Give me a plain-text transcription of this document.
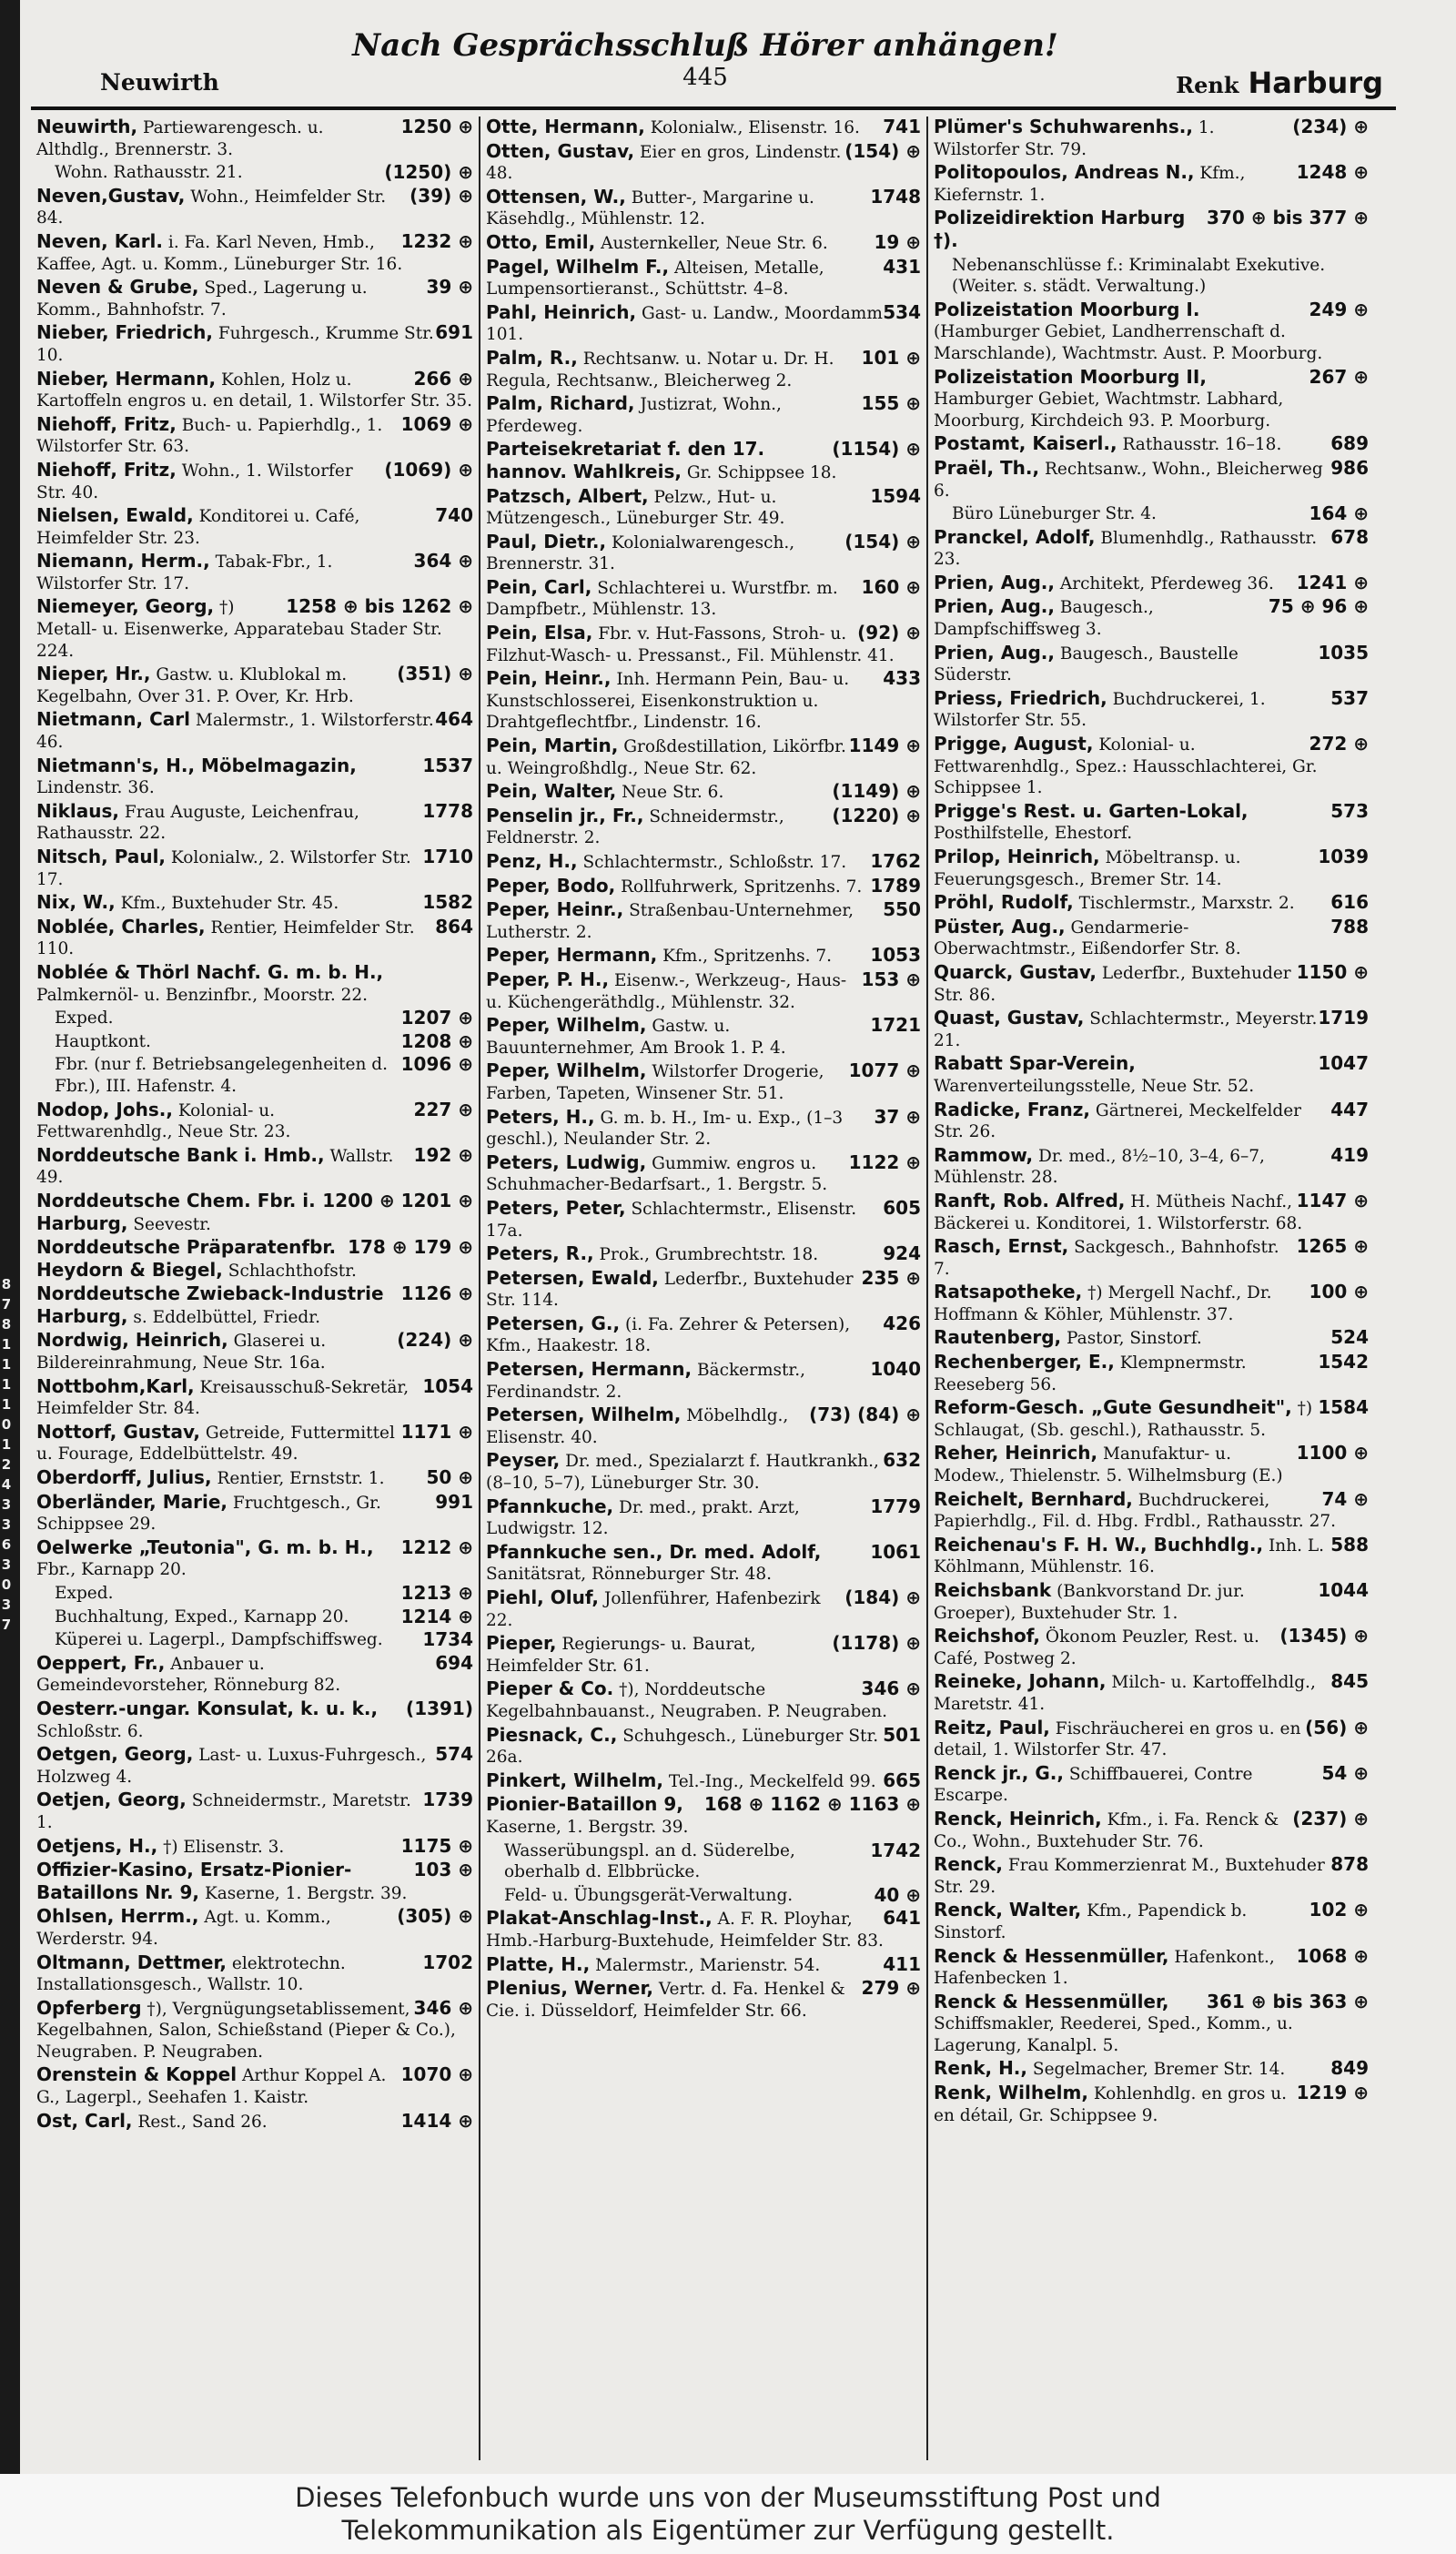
8
7
8
1
1
1
1
0
1
2
4
3
3
6
3
0
3
7
Nach Gesprächsschluß Hörer anhängen!
Neuwirth	445	Renk Harburg
1250 ⊕
Neuwirth, Partiewarengesch. u. Althdlg., Brennerstr. 3.
(1250) ⊕
Wohn. Rathausstr. 21.
(39) ⊕
Neven,Gustav, Wohn., Heimfelder Str. 84.
1232 ⊕
Neven, Karl. i. Fa. Karl Neven, Hmb., Kaffee, Agt. u. Komm., Lüneburger Str. 16.
39 ⊕
Neven & Grube, Sped., Lagerung u. Komm., Bahnhofstr. 7.
691
Nieber, Friedrich, Fuhrgesch., Krumme Str. 10.
266 ⊕
Nieber, Hermann, Kohlen, Holz u. Kartoffeln engros u. en detail, 1. Wilstorfer Str. 35.
1069 ⊕
Niehoff, Fritz, Buch- u. Papierhdlg., 1. Wilstorfer Str. 63.
(1069) ⊕
Niehoff, Fritz, Wohn., 1. Wilstorfer Str. 40.
740
Nielsen, Ewald, Konditorei u. Café, Heimfelder Str. 23.
364 ⊕
Niemann, Herm., Tabak-Fbr., 1. Wilstorfer Str. 17.
1258 ⊕ bis 1262 ⊕
Niemeyer, Georg, †) Metall- u. Eisenwerke, Apparatebau Stader Str. 224.
(351) ⊕
Nieper, Hr., Gastw. u. Klublokal m. Kegelbahn, Over 31. P. Over, Kr. Hrb.
464
Nietmann, Carl Malermstr., 1. Wilstorferstr. 46.
1537
Nietmann's, H., Möbelmagazin, Lindenstr. 36.
1778
Niklaus, Frau Auguste, Leichenfrau, Rathausstr. 22.
1710
Nitsch, Paul, Kolonialw., 2. Wilstorfer Str. 17.
1582
Nix, W., Kfm., Buxtehuder Str. 45.
864
Noblée, Charles, Rentier, Heimfelder Str. 110.
Noblée & Thörl Nachf. G. m. b. H., Palmkernöl- u. Benzinfbr., Moorstr. 22.
1207 ⊕
Exped.
1208 ⊕
Hauptkont.
1096 ⊕
Fbr. (nur f. Betriebsangelegenheiten d. Fbr.), III. Hafenstr. 4.
227 ⊕
Nodop, Johs., Kolonial- u. Fettwarenhdlg., Neue Str. 23.
192 ⊕
Norddeutsche Bank i. Hmb., Wallstr. 49.
1200 ⊕ 1201 ⊕
Norddeutsche Chem. Fbr. i. Harburg, Seevestr.
178 ⊕ 179 ⊕
Norddeutsche Präparatenfbr. Heydorn & Biegel, Schlachthofstr.
1126 ⊕
Norddeutsche Zwieback-Industrie Harburg, s. Eddelbüttel, Friedr.
(224) ⊕
Nordwig, Heinrich, Glaserei u. Bildereinrahmung, Neue Str. 16a.
1054
Nottbohm,Karl, Kreisausschuß-Sekretär, Heimfelder Str. 84.
1171 ⊕
Nottorf, Gustav, Getreide, Futtermittel u. Fourage, Eddelbüttelstr. 49.
50 ⊕
Oberdorff, Julius, Rentier, Ernststr. 1.
991
Oberländer, Marie, Fruchtgesch., Gr. Schippsee 29.
1212 ⊕
Oelwerke „Teutonia", G. m. b. H., Fbr., Karnapp 20.
1213 ⊕
Exped.
1214 ⊕
Buchhaltung, Exped., Karnapp 20.
1734
Küperei u. Lagerpl., Dampfschiffsweg.
694
Oeppert, Fr., Anbauer u. Gemeindevorsteher, Rönneburg 82.
(1391)
Oesterr.-ungar. Konsulat, k. u. k., Schloßstr. 6.
574
Oetgen, Georg, Last- u. Luxus-Fuhrgesch., Holzweg 4.
1739
Oetjen, Georg, Schneidermstr., Maretstr. 1.
1175 ⊕
Oetjens, H., †) Elisenstr. 3.
103 ⊕
Offizier-Kasino, Ersatz-Pionier-Bataillons Nr. 9, Kaserne, 1. Bergstr. 39.
(305) ⊕
Ohlsen, Herrm., Agt. u. Komm., Werderstr. 94.
1702
Oltmann, Dettmer, elektrotechn. Installationsgesch., Wallstr. 10.
346 ⊕
Opferberg †), Vergnügungsetablissement, Kegelbahnen, Salon, Schießstand (Pieper & Co.), Neugraben. P. Neugraben.
1070 ⊕
Orenstein & Koppel Arthur Koppel A. G., Lagerpl., Seehafen 1. Kaistr.
1414 ⊕
Ost, Carl, Rest., Sand 26.
741
Otte, Hermann, Kolonialw., Elisenstr. 16.
(154) ⊕
Otten, Gustav, Eier en gros, Lindenstr. 48.
1748
Ottensen, W., Butter-, Margarine u. Käsehdlg., Mühlenstr. 12.
19 ⊕
Otto, Emil, Austernkeller, Neue Str. 6.
431
Pagel, Wilhelm F., Alteisen, Metalle, Lumpensortieranst., Schüttstr. 4–8.
534
Pahl, Heinrich, Gast- u. Landw., Moordamm 101.
101 ⊕
Palm, R., Rechtsanw. u. Notar u. Dr. H. Regula, Rechtsanw., Bleicherweg 2.
155 ⊕
Palm, Richard, Justizrat, Wohn., Pferdeweg.
(1154) ⊕
Parteisekretariat f. den 17. hannov. Wahlkreis, Gr. Schippsee 18.
1594
Patzsch, Albert, Pelzw., Hut- u. Mützengesch., Lüneburger Str. 49.
(154) ⊕
Paul, Dietr., Kolonialwarengesch., Brennerstr. 31.
160 ⊕
Pein, Carl, Schlachterei u. Wurstfbr. m. Dampfbetr., Mühlenstr. 13.
(92) ⊕
Pein, Elsa, Fbr. v. Hut-Fassons, Stroh- u. Filzhut-Wasch- u. Pressanst., Fil. Mühlenstr. 41.
433
Pein, Heinr., Inh. Hermann Pein, Bau- u. Kunstschlosserei, Eisenkonstruktion u. Drahtgeflechtfbr., Lindenstr. 16.
1149 ⊕
Pein, Martin, Großdestillation, Likörfbr. u. Weingroßhdlg., Neue Str. 62.
(1149) ⊕
Pein, Walter, Neue Str. 6.
(1220) ⊕
Penselin jr., Fr., Schneidermstr., Feldnerstr. 2.
1762
Penz, H., Schlachtermstr., Schloßstr. 17.
1789
Peper, Bodo, Rollfuhrwerk, Spritzenhs. 7.
550
Peper, Heinr., Straßenbau-Unternehmer, Lutherstr. 2.
1053
Peper, Hermann, Kfm., Spritzenhs. 7.
153 ⊕
Peper, P. H., Eisenw.-, Werkzeug-, Haus- u. Küchengeräthdlg., Mühlenstr. 32.
1721
Peper, Wilhelm, Gastw. u. Bauunternehmer, Am Brook 1. P. 4.
1077 ⊕
Peper, Wilhelm, Wilstorfer Drogerie, Farben, Tapeten, Winsener Str. 51.
37 ⊕
Peters, H., G. m. b. H., Im- u. Exp., (1–3 geschl.), Neulander Str. 2.
1122 ⊕
Peters, Ludwig, Gummiw. engros u. Schuhmacher-Bedarfsart., 1. Bergstr. 5.
605
Peters, Peter, Schlachtermstr., Elisenstr. 17a.
924
Peters, R., Prok., Grumbrechtstr. 18.
235 ⊕
Petersen, Ewald, Lederfbr., Buxtehuder Str. 114.
426
Petersen, G., (i. Fa. Zehrer & Petersen), Kfm., Haakestr. 18.
1040
Petersen, Hermann, Bäckermstr., Ferdinandstr. 2.
(73) (84) ⊕
Petersen, Wilhelm, Möbelhdlg., Elisenstr. 40.
632
Peyser, Dr. med., Spezialarzt f. Hautkrankh., (8–10, 5–7), Lüneburger Str. 30.
1779
Pfannkuche, Dr. med., prakt. Arzt, Ludwigstr. 12.
1061
Pfannkuche sen., Dr. med. Adolf, Sanitätsrat, Rönneburger Str. 48.
(184) ⊕
Piehl, Oluf, Jollenführer, Hafenbezirk 22.
(1178) ⊕
Pieper, Regierungs- u. Baurat, Heimfelder Str. 61.
346 ⊕
Pieper & Co. †), Norddeutsche Kegelbahnbauanst., Neugraben. P. Neugraben.
501
Piesnack, C., Schuhgesch., Lüneburger Str. 26a.
665
Pinkert, Wilhelm, Tel.-Ing., Meckelfeld 99.
168 ⊕ 1162 ⊕ 1163 ⊕
Pionier-Bataillon 9, Kaserne, 1. Bergstr. 39.
1742
Wasserübungspl. an d. Süderelbe, oberhalb d. Elbbrücke.
40 ⊕
Feld- u. Übungsgerät-Verwaltung.
641
Plakat-Anschlag-Inst., A. F. R. Ployhar, Hmb.-Harburg-Buxtehude, Heimfelder Str. 83.
411
Platte, H., Malermstr., Marienstr. 54.
279 ⊕
Plenius, Werner, Vertr. d. Fa. Henkel & Cie. i. Düsseldorf, Heimfelder Str. 66.
(234) ⊕
Plümer's Schuhwarenhs., 1. Wilstorfer Str. 79.
1248 ⊕
Politopoulos, Andreas N., Kfm., Kiefernstr. 1.
370 ⊕ bis 377 ⊕
Polizeidirektion Harburg †).
Nebenanschlüsse f.: Kriminalabt Exekutive. (Weiter. s. städt. Verwaltung.)
249 ⊕
Polizeistation Moorburg I. (Hamburger Gebiet, Landherrenschaft d. Marschlande), Wachtmstr. Aust. P. Moorburg.
267 ⊕
Polizeistation Moorburg II, Hamburger Gebiet, Wachtmstr. Labhard, Moorburg, Kirchdeich 93. P. Moorburg.
689
Postamt, Kaiserl., Rathausstr. 16–18.
986
Praël, Th., Rechtsanw., Wohn., Bleicherweg 6.
164 ⊕
Büro Lüneburger Str. 4.
678
Pranckel, Adolf, Blumenhdlg., Rathausstr. 23.
1241 ⊕
Prien, Aug., Architekt, Pferdeweg 36.
75 ⊕ 96 ⊕
Prien, Aug., Baugesch., Dampfschiffsweg 3.
1035
Prien, Aug., Baugesch., Baustelle Süderstr.
537
Priess, Friedrich, Buchdruckerei, 1. Wilstorfer Str. 55.
272 ⊕
Prigge, August, Kolonial- u. Fettwarenhdlg., Spez.: Hausschlachterei, Gr. Schippsee 1.
573
Prigge's Rest. u. Garten-Lokal, Posthilfstelle, Ehestorf.
1039
Prilop, Heinrich, Möbeltransp. u. Feuerungsgesch., Bremer Str. 14.
616
Pröhl, Rudolf, Tischlermstr., Marxstr. 2.
788
Püster, Aug., Gendarmerie-Oberwachtmstr., Eißendorfer Str. 8.
1150 ⊕
Quarck, Gustav, Lederfbr., Buxtehuder Str. 86.
1719
Quast, Gustav, Schlachtermstr., Meyerstr. 21.
1047
Rabatt Spar-Verein, Warenverteilungsstelle, Neue Str. 52.
447
Radicke, Franz, Gärtnerei, Meckelfelder Str. 26.
419
Rammow, Dr. med., 8½–10, 3–4, 6–7, Mühlenstr. 28.
1147 ⊕
Ranft, Rob. Alfred, H. Mütheis Nachf., Bäckerei u. Konditorei, 1. Wilstorferstr. 68.
1265 ⊕
Rasch, Ernst, Sackgesch., Bahnhofstr. 7.
100 ⊕
Ratsapotheke, †) Mergell Nachf., Dr. Hoffmann & Köhler, Mühlenstr. 37.
524
Rautenberg, Pastor, Sinstorf.
1542
Rechenberger, E., Klempnermstr. Reeseberg 56.
1584
Reform-Gesch. „Gute Gesundheit", †) Schlaugat, (Sb. geschl.), Rathausstr. 5.
1100 ⊕
Reher, Heinrich, Manufaktur- u. Modew., Thielenstr. 5. Wilhelmsburg (E.)
74 ⊕
Reichelt, Bernhard, Buchdruckerei, Papierhdlg., Fil. d. Hbg. Frdbl., Rathausstr. 27.
588
Reichenau's F. H. W., Buchhdlg., Inh. L. Köhlmann, Mühlenstr. 16.
1044
Reichsbank (Bankvorstand Dr. jur. Groeper), Buxtehuder Str. 1.
(1345) ⊕
Reichshof, Ökonom Peuzler, Rest. u. Café, Postweg 2.
845
Reineke, Johann, Milch- u. Kartoffelhdlg., Maretstr. 41.
(56) ⊕
Reitz, Paul, Fischräucherei en gros u. en detail, 1. Wilstorfer Str. 47.
54 ⊕
Renck jr., G., Schiffbauerei, Contre Escarpe.
(237) ⊕
Renck, Heinrich, Kfm., i. Fa. Renck & Co., Wohn., Buxtehuder Str. 76.
878
Renck, Frau Kommerzienrat M., Buxtehuder Str. 29.
102 ⊕
Renck, Walter, Kfm., Papendick b. Sinstorf.
1068 ⊕
Renck & Hessenmüller, Hafenkont., Hafenbecken 1.
361 ⊕ bis 363 ⊕
Renck & Hessenmüller, Schiffsmakler, Reederei, Sped., Komm., u. Lagerung, Kanalpl. 5.
849
Renk, H., Segelmacher, Bremer Str. 14.
1219 ⊕
Renk, Wilhelm, Kohlenhdlg. en gros u. en détail, Gr. Schippsee 9.
Dieses Telefonbuch wurde uns von der Museumsstiftung Post und
Telekommunikation als Eigentümer zur Verfügung gestellt.
